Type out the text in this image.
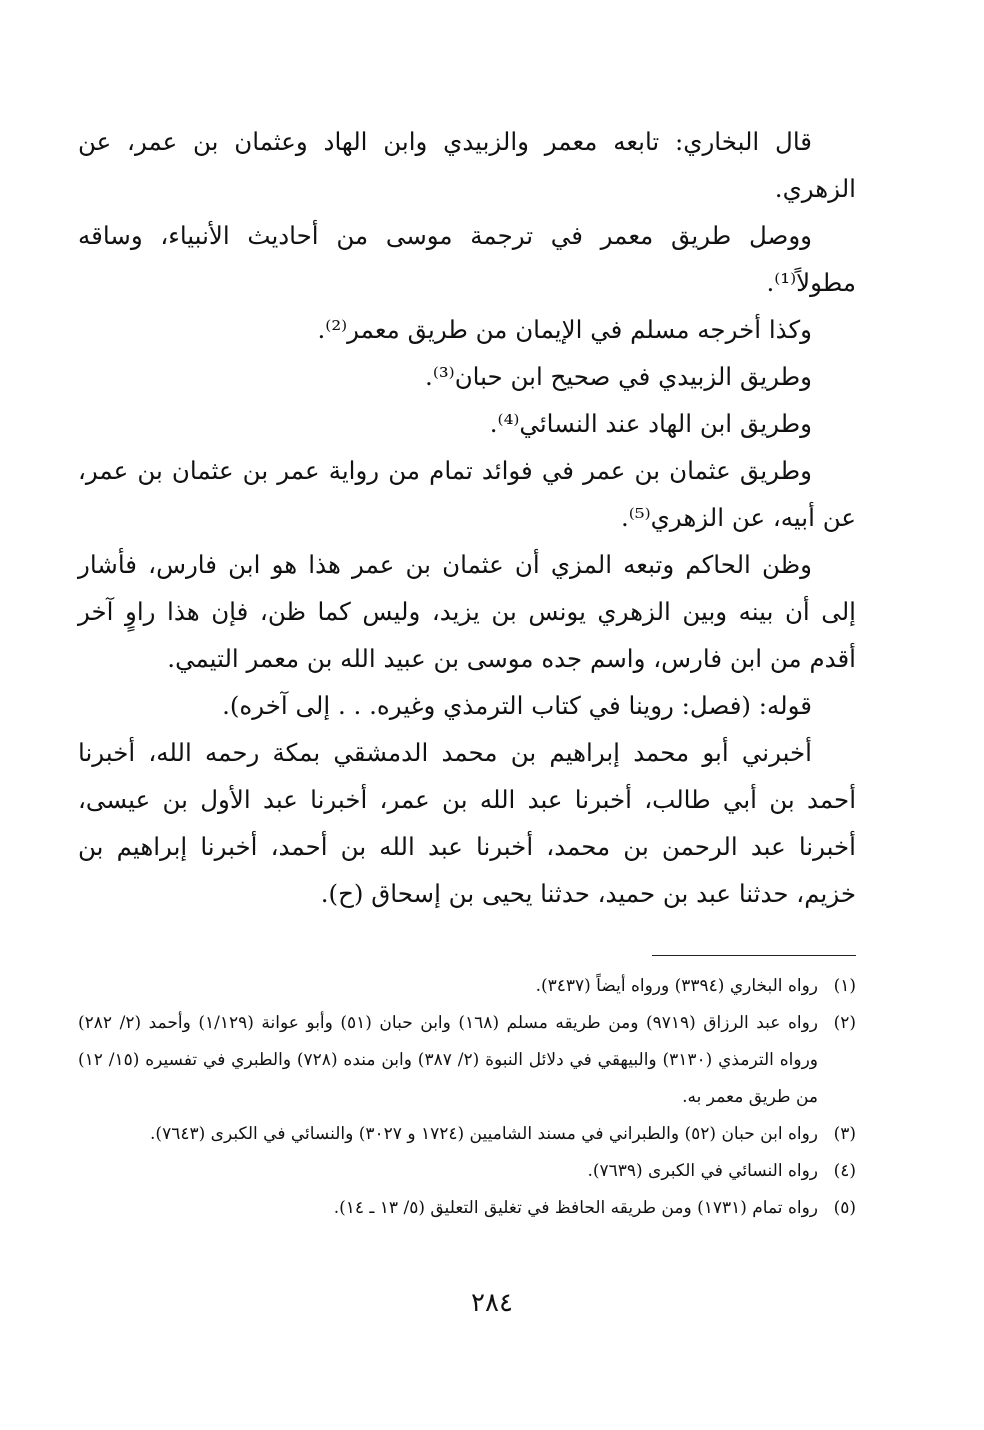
قال البخاري: تابعه معمر والزبيدي وابن الهاد وعثمان بن عمر، عن الزهري.

ووصل طريق معمر في ترجمة موسى من أحاديث الأنبياء، وساقه مطولاً⁽¹⁾.

وكذا أخرجه مسلم في الإيمان من طريق معمر⁽²⁾.

وطريق الزبيدي في صحيح ابن حبان⁽³⁾.

وطريق ابن الهاد عند النسائي⁽⁴⁾.

وطريق عثمان بن عمر في فوائد تمام من رواية عمر بن عثمان بن عمر، عن أبيه، عن الزهري⁽⁵⁾.

وظن الحاكم وتبعه المزي أن عثمان بن عمر هذا هو ابن فارس، فأشار إلى أن بينه وبين الزهري يونس بن يزيد، وليس كما ظن، فإن هذا راوٍ آخر أقدم من ابن فارس، واسم جده موسى بن عبيد الله بن معمر التيمي.

قوله: (فصل: روينا في كتاب الترمذي وغيره. . . إلى آخره).

أخبرني أبو محمد إبراهيم بن محمد الدمشقي بمكة رحمه الله، أخبرنا أحمد بن أبي طالب، أخبرنا عبد الله بن عمر، أخبرنا عبد الأول بن عيسى، أخبرنا عبد الرحمن بن محمد، أخبرنا عبد الله بن أحمد، أخبرنا إبراهيم بن خزيم، حدثنا عبد بن حميد، حدثنا يحيى بن إسحاق (ح).

(١)
رواه البخاري (٣٣٩٤) ورواه أيضاً (٣٤٣٧).
(٢)
رواه عبد الرزاق (٩٧١٩) ومن طريقه مسلم (١٦٨) وابن حبان (٥١) وأبو عوانة (١/١٢٩) وأحمد (٢/ ٢٨٢) ورواه الترمذي (٣١٣٠) والبيهقي في دلائل النبوة (٢/ ٣٨٧) وابن منده (٧٢٨) والطبري في تفسيره (١٥/ ١٢) من طريق معمر به.
(٣)
رواه ابن حبان (٥٢) والطبراني في مسند الشاميين (١٧٢٤ و ٣٠٢٧) والنسائي في الكبرى (٧٦٤٣).
(٤)
رواه النسائي في الكبرى (٧٦٣٩).
(٥)
رواه تمام (١٧٣١) ومن طريقه الحافظ في تغليق التعليق (٥/ ١٣ ـ ١٤).
٢٨٤
